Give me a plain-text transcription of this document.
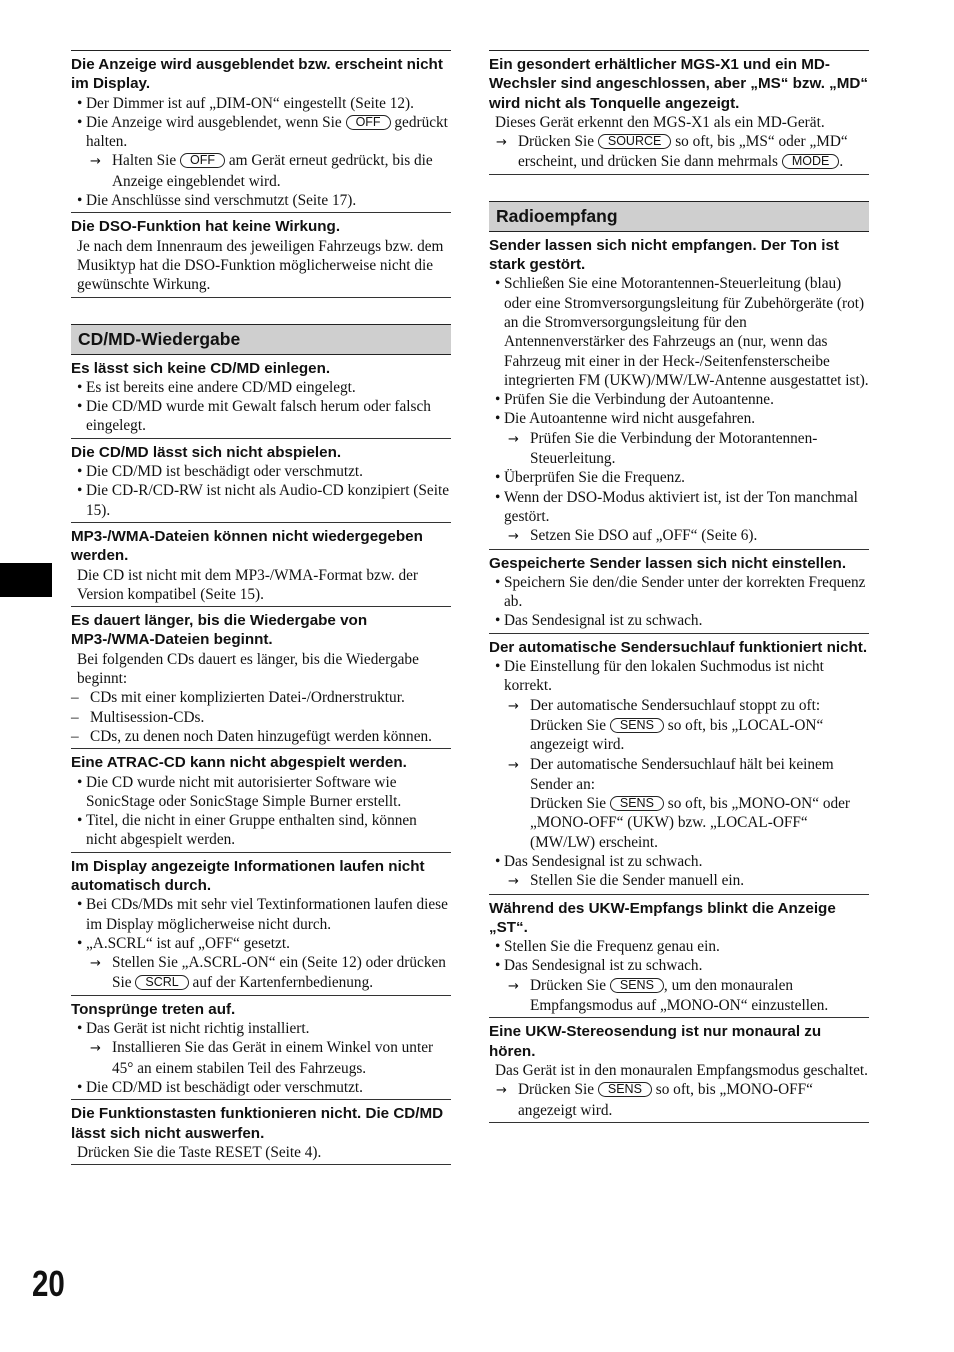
Die Anzeige wird ausgeblendet bzw. erscheint nicht im Display.

• Der Dimmer ist auf „DIM-ON“ eingestellt (Seite 12).
• Die Anzeige wird ausgeblendet, wenn Sie OFF gedrückt halten.
→ Halten Sie OFF am Gerät erneut gedrückt, bis die Anzeige eingeblendet wird.
• Die Anschlüsse sind verschmutzt (Seite 17).

Die DSO-Funktion hat keine Wirkung.

Je nach dem Innenraum des jeweiligen Fahrzeugs bzw. dem Musiktyp hat die DSO-Funktion möglicherweise nicht die gewünschte Wirkung.
CD/MD-Wiedergabe

Es lässt sich keine CD/MD einlegen.

• Es ist bereits eine andere CD/MD eingelegt.
• Die CD/MD wurde mit Gewalt falsch herum oder falsch eingelegt.

Die CD/MD lässt sich nicht abspielen.

• Die CD/MD ist beschädigt oder verschmutzt.
• Die CD-R/CD-RW ist nicht als Audio-CD konzipiert (Seite 15).

MP3-/WMA-Dateien können nicht wiedergegeben werden.

Die CD ist nicht mit dem MP3-/WMA-Format bzw. der Version kompatibel (Seite 15).

Es dauert länger, bis die Wiedergabe von MP3-/WMA-Dateien beginnt.

Bei folgenden CDs dauert es länger, bis die Wiedergabe beginnt:
– CDs mit einer komplizierten Datei-/Ordnerstruktur.
– Multisession-CDs.
– CDs, zu denen noch Daten hinzugefügt werden können.

Eine ATRAC-CD kann nicht abgespielt werden.

• Die CD wurde nicht mit autorisierter Software wie SonicStage oder SonicStage Simple Burner erstellt.
• Titel, die nicht in einer Gruppe enthalten sind, können nicht abgespielt werden.

Im Display angezeigte Informationen laufen nicht automatisch durch.

• Bei CDs/MDs mit sehr viel Textinformationen laufen diese im Display möglicherweise nicht durch.
• „A.SCRL“ ist auf „OFF“ gesetzt.
→ Stellen Sie „A.SCRL-ON“ ein (Seite 12) oder drücken Sie SCRL auf der Kartenfernbedienung.

Tonsprünge treten auf.

• Das Gerät ist nicht richtig installiert.
→ Installieren Sie das Gerät in einem Winkel von unter 45° an einem stabilen Teil des Fahrzeugs.
• Die CD/MD ist beschädigt oder verschmutzt.

Die Funktionstasten funktionieren nicht. Die CD/MD lässt sich nicht auswerfen.

Drücken Sie die Taste RESET (Seite 4).

Ein gesondert erhältlicher MGS-X1 und ein MD-Wechsler sind angeschlossen, aber „MS“ bzw. „MD“ wird nicht als Tonquelle angezeigt.

Dieses Gerät erkennt den MGS-X1 als ein MD-Gerät.
→ Drücken Sie SOURCE so oft, bis „MS“ oder „MD“ erscheint, und drücken Sie dann mehrmals MODE .
Radioempfang

Sender lassen sich nicht empfangen. Der Ton ist stark gestört.

• Schließen Sie eine Motorantennen-Steuerleitung (blau) oder eine Stromversorgungsleitung für Zubehörgeräte (rot) an die Stromversorgungsleitung für den Antennenverstärker des Fahrzeugs an (nur, wenn das Fahrzeug mit einer in der Heck-/Seitenfensterscheibe integrierten FM (UKW)/MW/LW-Antenne ausgestattet ist).
• Prüfen Sie die Verbindung der Autoantenne.
• Die Autoantenne wird nicht ausgefahren.
→ Prüfen Sie die Verbindung der Motorantennen-Steuerleitung.
• Überprüfen Sie die Frequenz.
• Wenn der DSO-Modus aktiviert ist, ist der Ton manchmal gestört.
→ Setzen Sie DSO auf „OFF“ (Seite 6).

Gespeicherte Sender lassen sich nicht einstellen.

• Speichern Sie den/die Sender unter der korrekten Frequenz ab.
• Das Sendesignal ist zu schwach.

Der automatische Sendersuchlauf funktioniert nicht.

• Die Einstellung für den lokalen Suchmodus ist nicht korrekt.
→ Der automatische Sendersuchlauf stoppt zu oft:
Drücken Sie SENS so oft, bis „LOCAL-ON“ angezeigt wird.
→ Der automatische Sendersuchlauf hält bei keinem Sender an:
Drücken Sie SENS so oft, bis „MONO-ON“ oder „MONO-OFF“ (UKW) bzw. „LOCAL-OFF“ (MW/LW) erscheint.
• Das Sendesignal ist zu schwach.
→ Stellen Sie die Sender manuell ein.

Während des UKW-Empfangs blinkt die Anzeige „ST“.

• Stellen Sie die Frequenz genau ein.
• Das Sendesignal ist zu schwach.
→ Drücken Sie SENS , um den monauralen Empfangsmodus auf „MONO-ON“ einzustellen.

Eine UKW-Stereosendung ist nur monaural zu hören.

Das Gerät ist in den monauralen Empfangsmodus geschaltet.
→ Drücken Sie SENS so oft, bis „MONO-OFF“ angezeigt wird.
20
